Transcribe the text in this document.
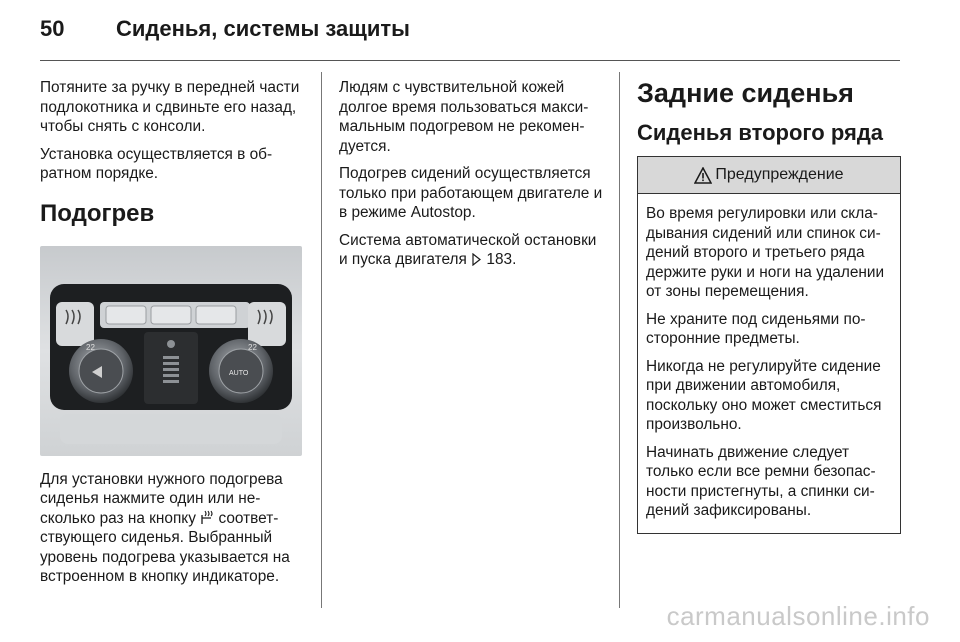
50	Сиденья, системы защиты

Потяните за ручку в передней части подлокотника и сдвиньте его назад, чтобы снять с консоли.

Установка осуществляется в обратном порядке.

Подогрев
22	22
AUTO

Для установки нужного подогрева сиденья нажмите один или несколько раз на кнопку соответствующего сиденья. Выбранный уровень подогрева указывается на встроенном в кнопку индикаторе.

Людям с чувствительной кожей долгое время пользоваться максимальным подогревом не рекомендуется.

Подогрев сидений осуществляется только при работающем двигателе и в режиме Autostop.

Система автоматической остановки и пуска двигателя 183.

Задние сиденья
Сиденья второго ряда
Предупреждение

Во время регулировки или складывания сидений или спинок сидений второго и третьего ряда держите руки и ноги на удалении от зоны перемещения.

Не храните под сиденьями посторонние предметы.

Никогда не регулируйте сидение при движении автомобиля, поскольку оно может сместиться произвольно.

Начинать движение следует только если все ремни безопасности пристегнуты, а спинки сидений зафиксированы.

carmanualsonline.info
